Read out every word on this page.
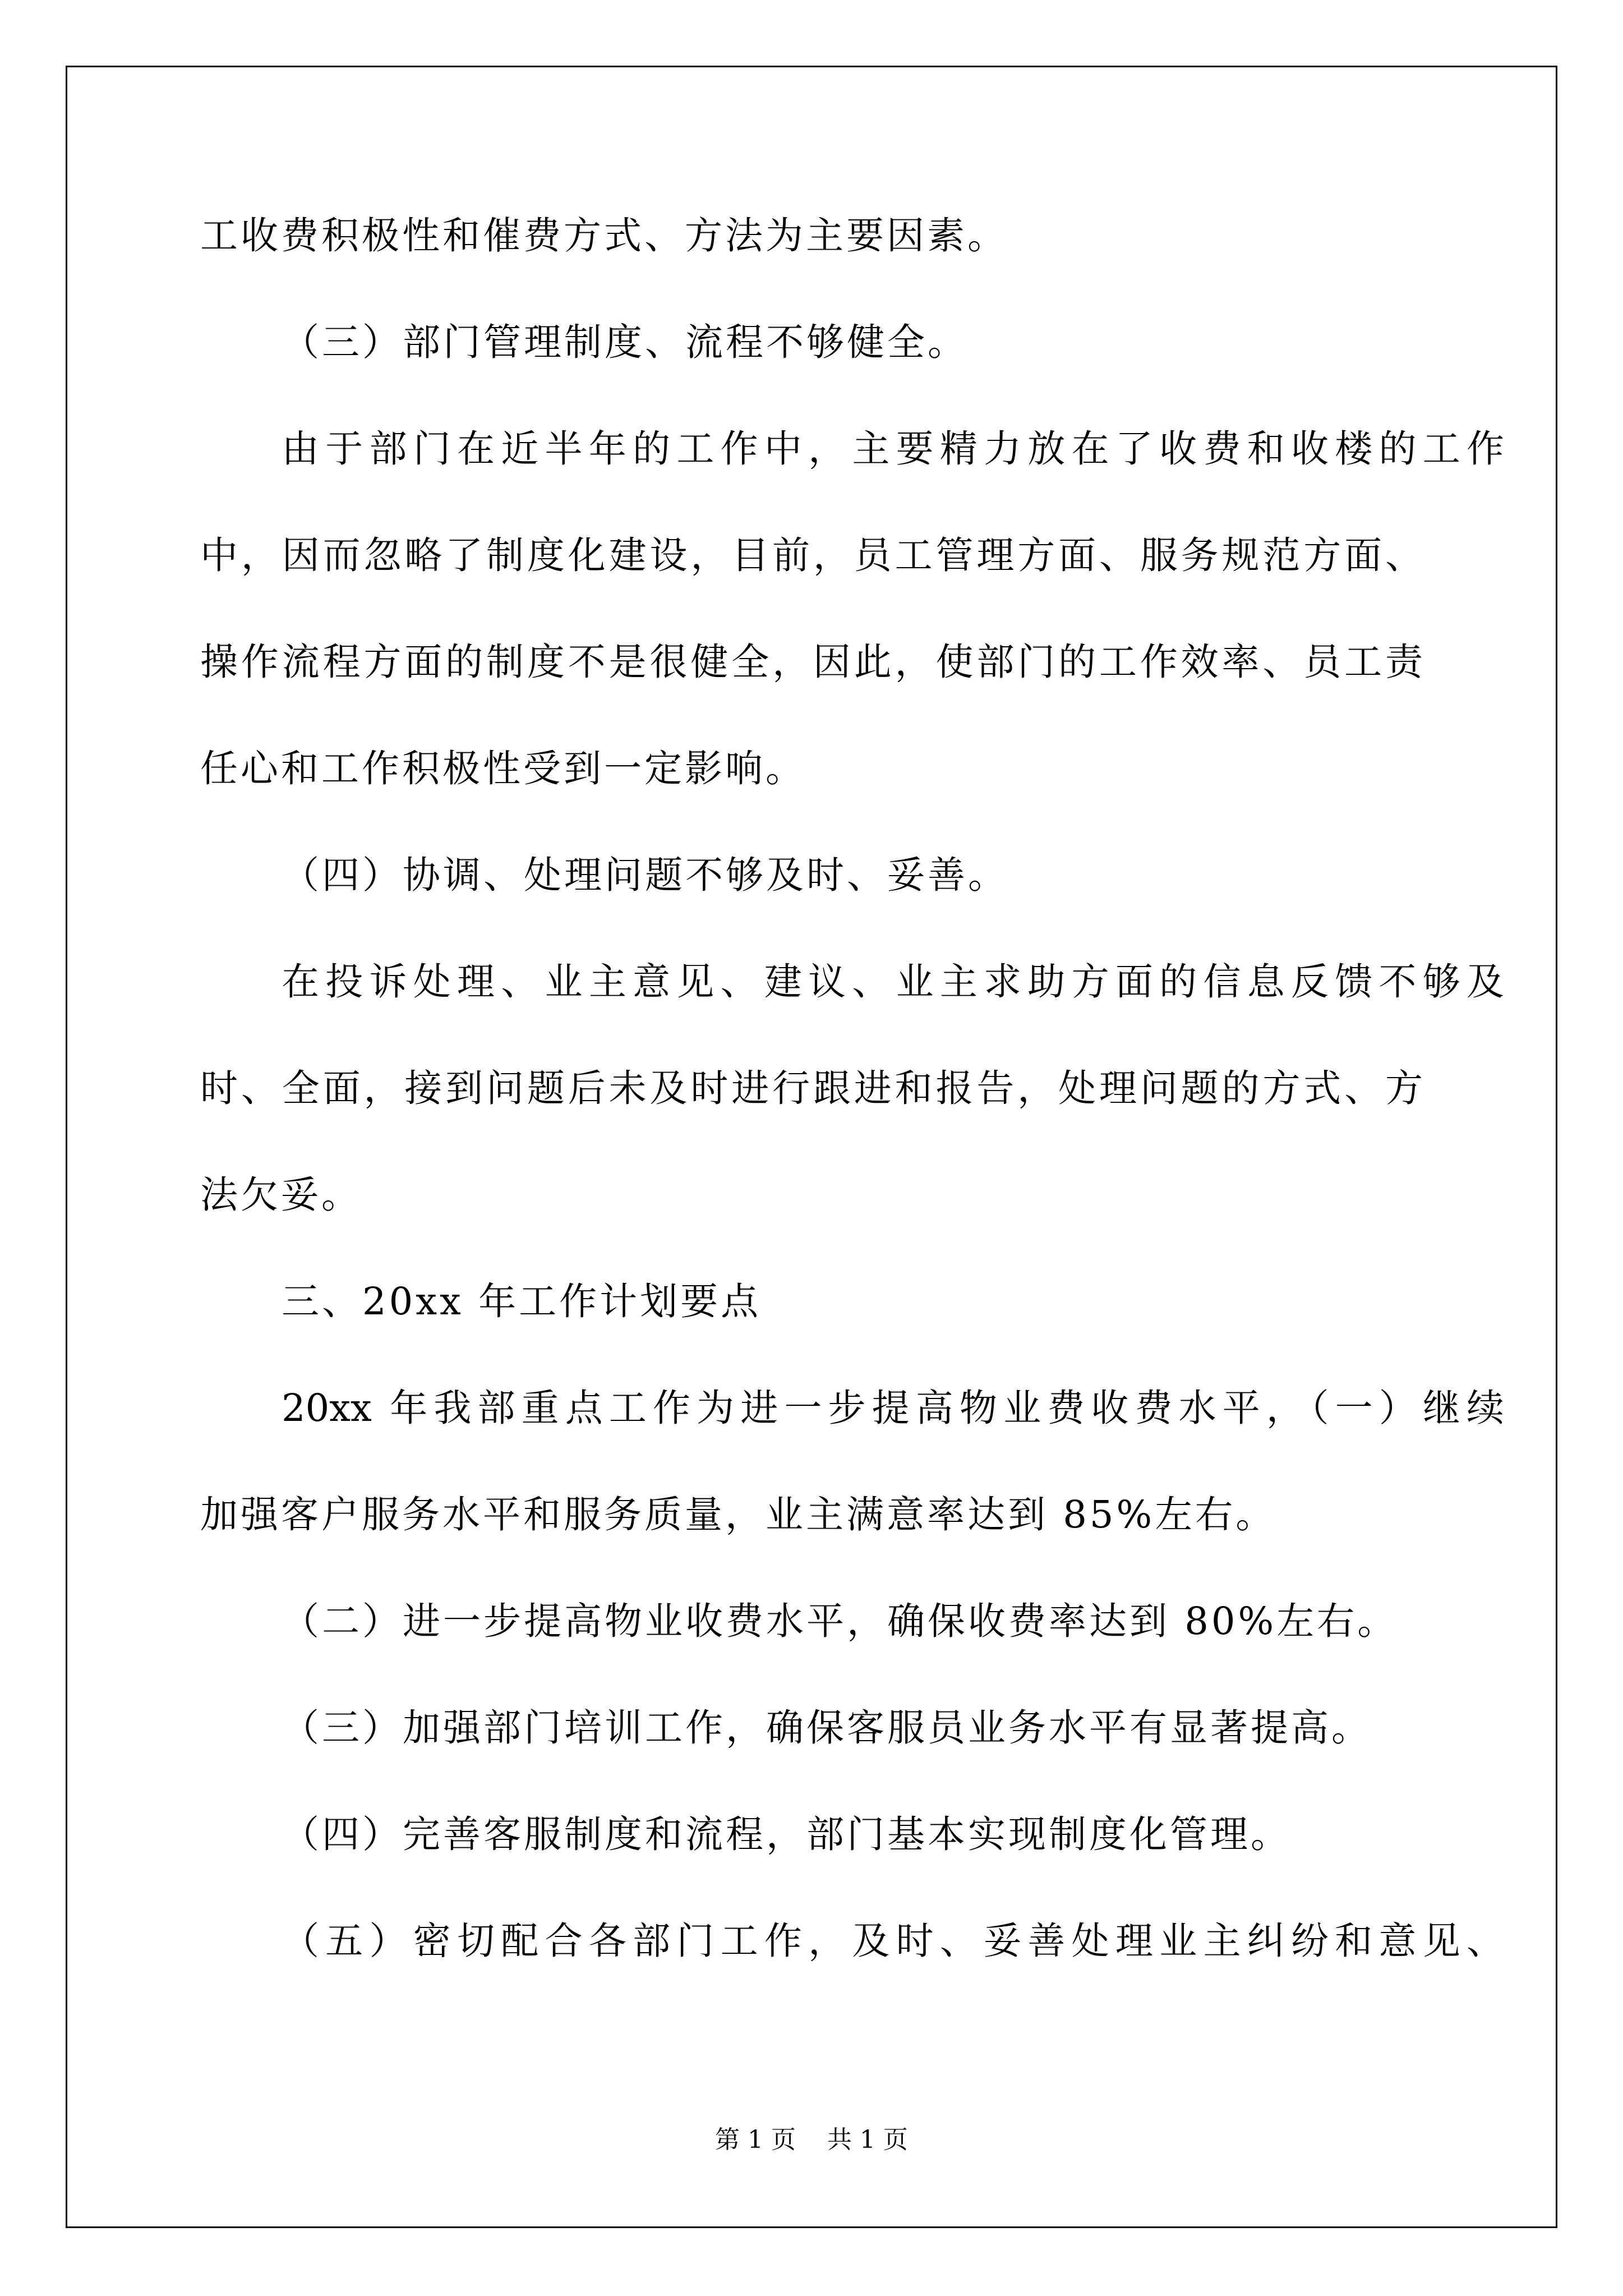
工收费积极性和催费方式、方法为主要因素。
（三）部门管理制度、流程不够健全。
由于部门在近半年的工作中，主要精力放在了收费和收楼的工作
中，因而忽略了制度化建设，目前，员工管理方面、服务规范方面、
操作流程方面的制度不是很健全，因此，使部门的工作效率、员工责
任心和工作积极性受到一定影响。
（四）协调、处理问题不够及时、妥善。
在投诉处理、业主意见、建议、业主求助方面的信息反馈不够及
时、全面，接到问题后未及时进行跟进和报告，处理问题的方式、方
法欠妥。
三、20xx 年工作计划要点
20xx 年我部重点工作为进一步提高物业费收费水平，（一）继续
加强客户服务水平和服务质量，业主满意率达到 85%左右。
（二）进一步提高物业收费水平，确保收费率达到 80%左右。
（三）加强部门培训工作，确保客服员业务水平有显著提高。
（四）完善客服制度和流程，部门基本实现制度化管理。
（五）密切配合各部门工作，及时、妥善处理业主纠纷和意见、
第 1 页    共 1 页
